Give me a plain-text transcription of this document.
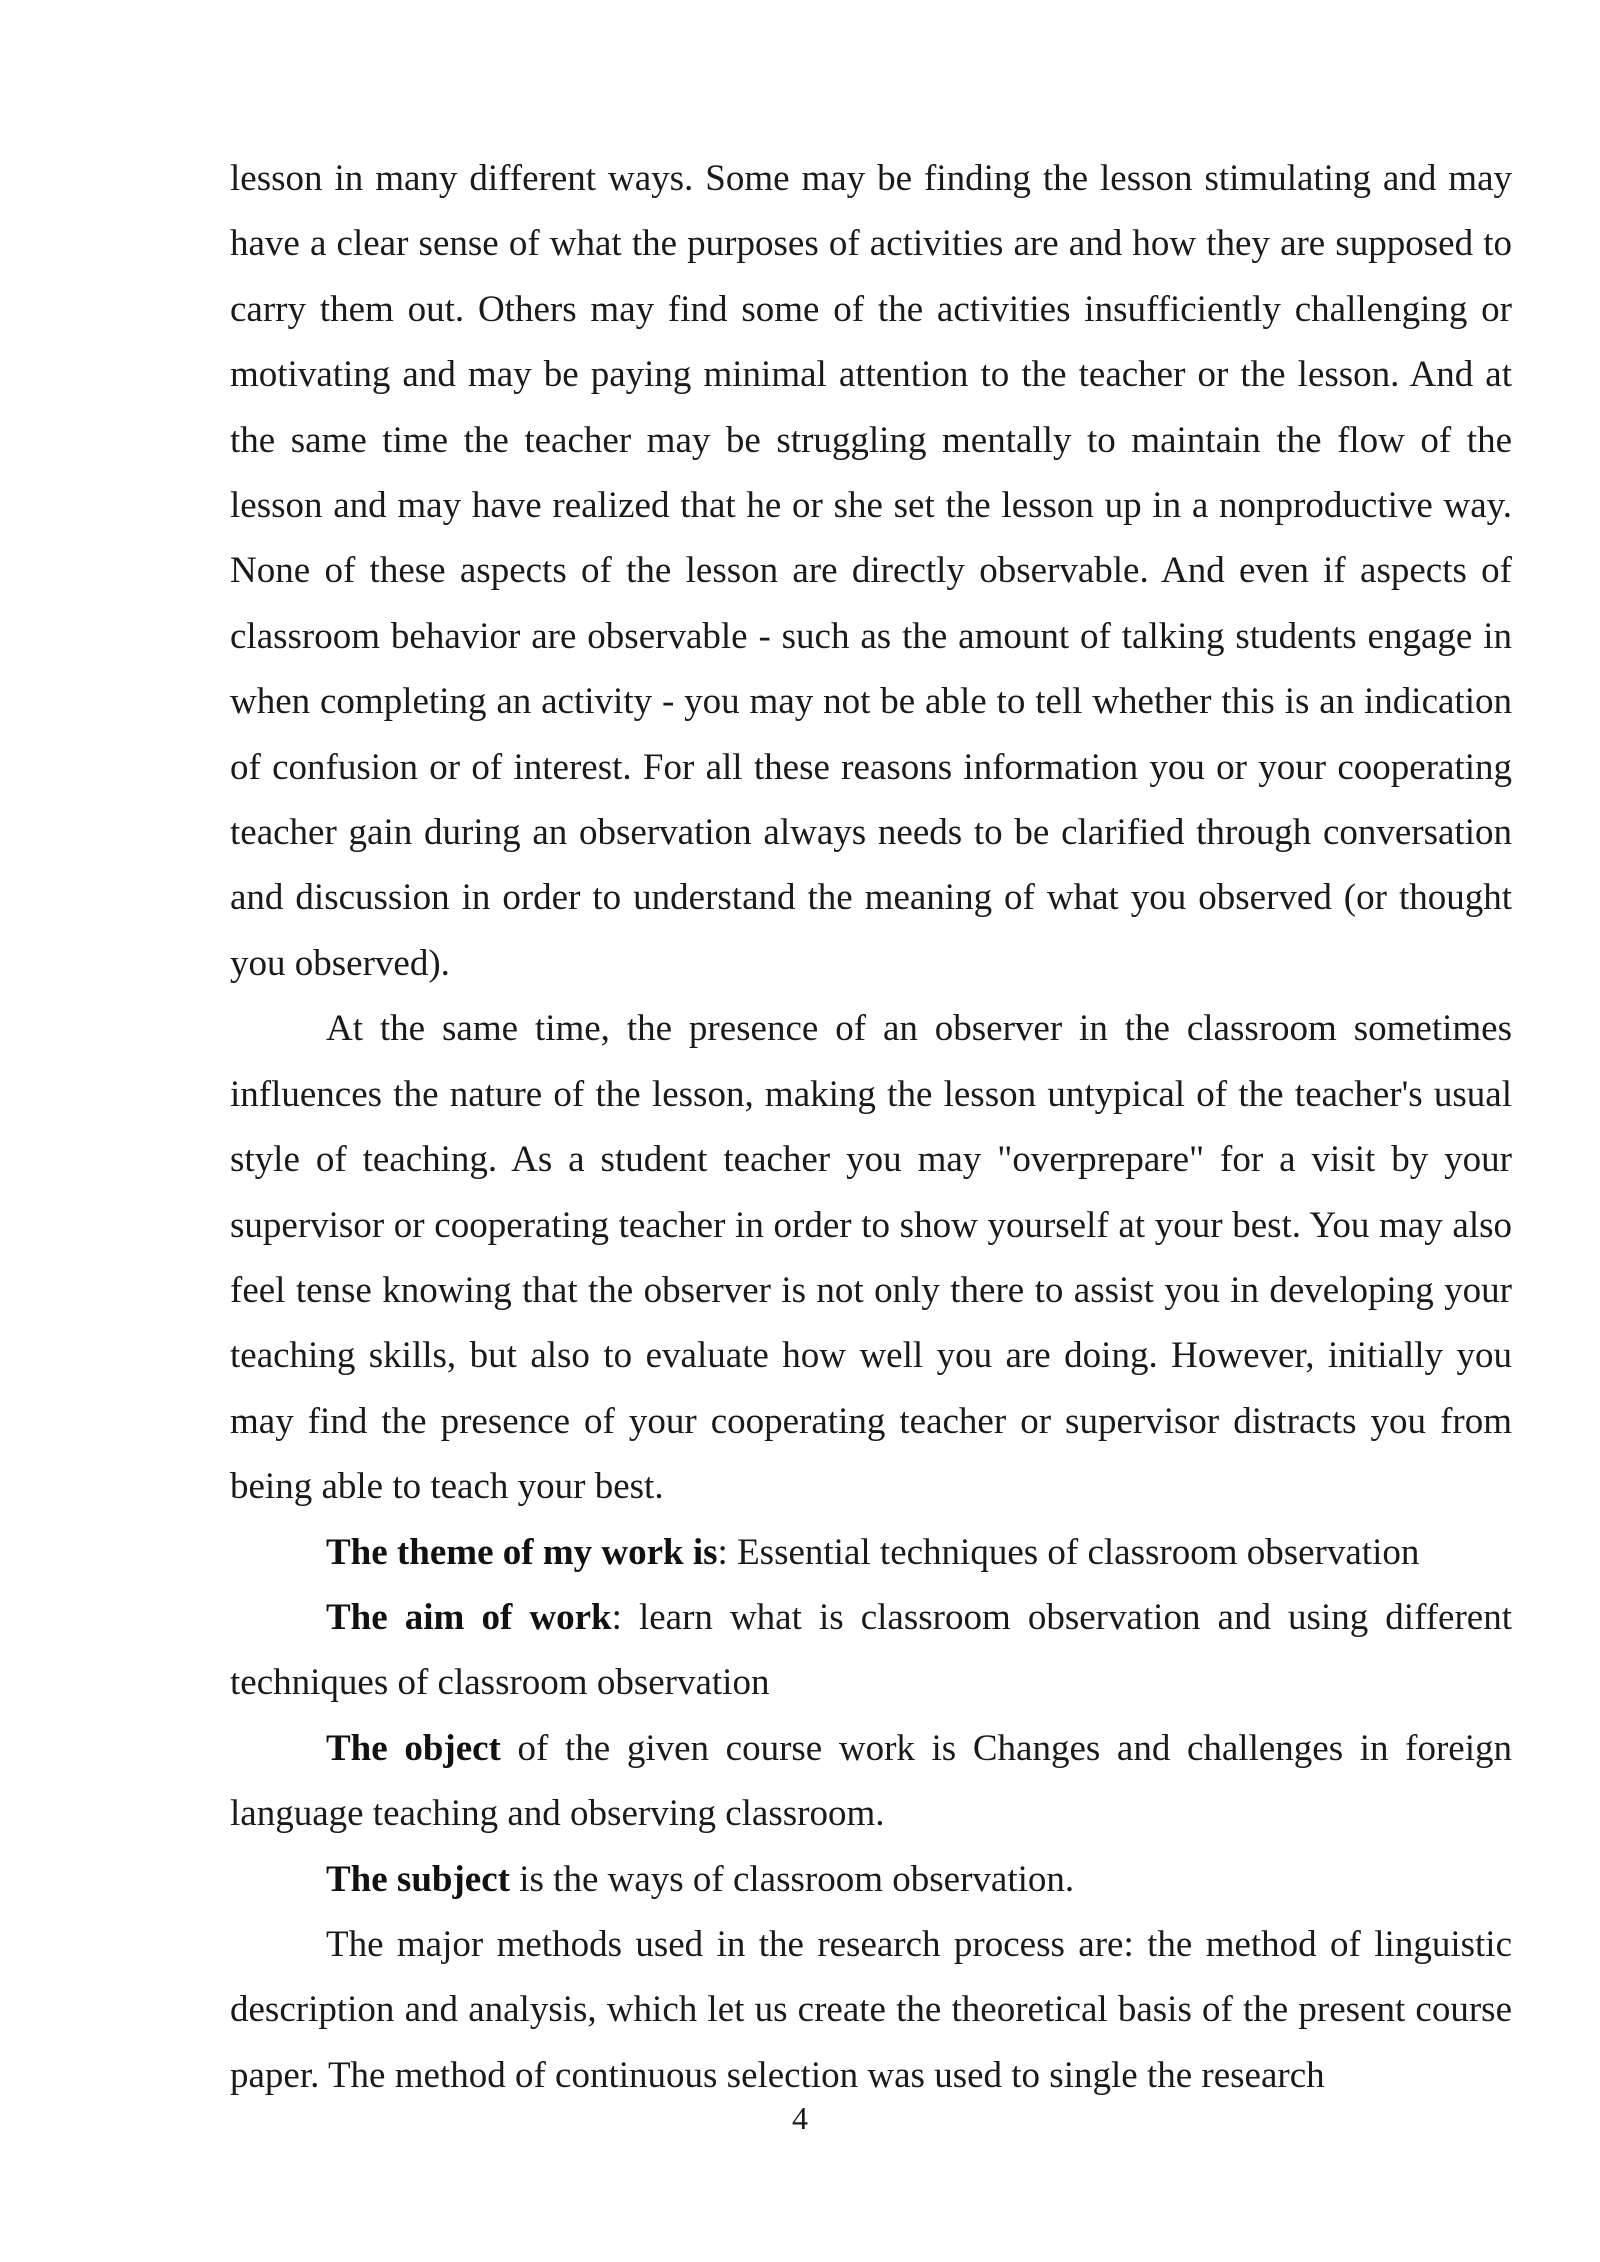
lesson in many different ways. Some may be finding the lesson stimulating and may have a clear sense of what the purposes of activities are and how they are supposed to carry them out. Others may find some of the activities insufficiently challenging or motivating and may be paying minimal attention to the teacher or the lesson. And at the same time the teacher may be struggling mentally to maintain the flow of the lesson and may have realized that he or she set the lesson up in a nonproductive way. None of these aspects of the lesson are directly observable. And even if aspects of classroom behavior are observable - such as the amount of talking students engage in when completing an activity - you may not be able to tell whether this is an indication of confusion or of interest. For all these reasons information you or your cooperating teacher gain during an observation always needs to be clarified through conversation and discussion in order to understand the meaning of what you observed (or thought you observed).

At the same time, the presence of an observer in the classroom sometimes influences the nature of the lesson, making the lesson untypical of the teacher's usual style of teaching. As a student teacher you may "overprepare" for a visit by your supervisor or cooperating teacher in order to show yourself at your best. You may also feel tense knowing that the observer is not only there to assist you in developing your teaching skills, but also to evaluate how well you are doing. However, initially you may find the presence of your cooperating teacher or supervisor distracts you from being able to teach your best.

The theme of my work is: Essential techniques of classroom observation

The aim of work: learn what is classroom observation and using different techniques of classroom observation

The object of the given course work is Changes and challenges in foreign language teaching and observing classroom.

The subject is the ways of classroom observation.

The major methods used in the research process are: the method of linguistic description and analysis, which let us create the theoretical basis of the present course paper. The method of continuous selection was used to single the research

4
